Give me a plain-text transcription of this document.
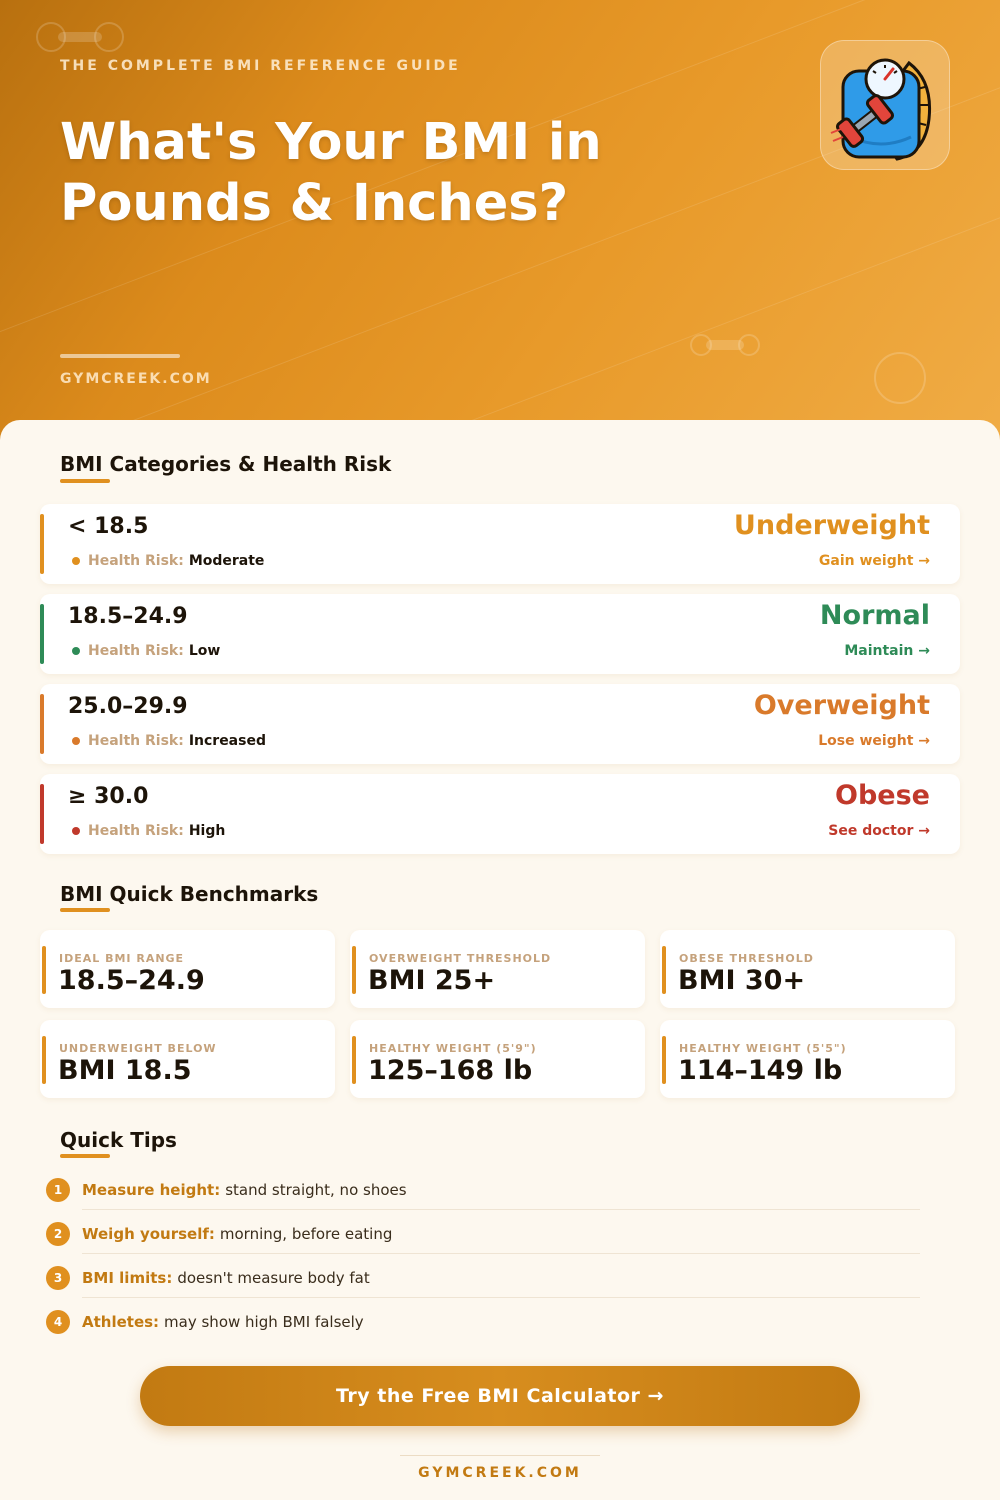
THE COMPLETE BMI REFERENCE GUIDE
What's Your BMI in Pounds & Inches?
GYMCREEK.COM
BMI Categories & Health Risk
< 18.5
Health Risk: Moderate
Underweight
Gain weight →
18.5–24.9
Health Risk: Low
Normal
Maintain →
25.0–29.9
Health Risk: Increased
Overweight
Lose weight →
≥ 30.0
Health Risk: High
Obese
See doctor →
BMI Quick Benchmarks
IDEAL BMI RANGE
18.5–24.9
OVERWEIGHT THRESHOLD
BMI 25+
OBESE THRESHOLD
BMI 30+
UNDERWEIGHT BELOW
BMI 18.5
HEALTHY WEIGHT (5'9")
125–168 lb
HEALTHY WEIGHT (5'5")
114–149 lb
Quick Tips
1	Measure height: stand straight, no shoes
2	Weigh yourself: morning, before eating
3	BMI limits: doesn't measure body fat
4	Athletes: may show high BMI falsely
Try the Free BMI Calculator →
GYMCREEK.COM
